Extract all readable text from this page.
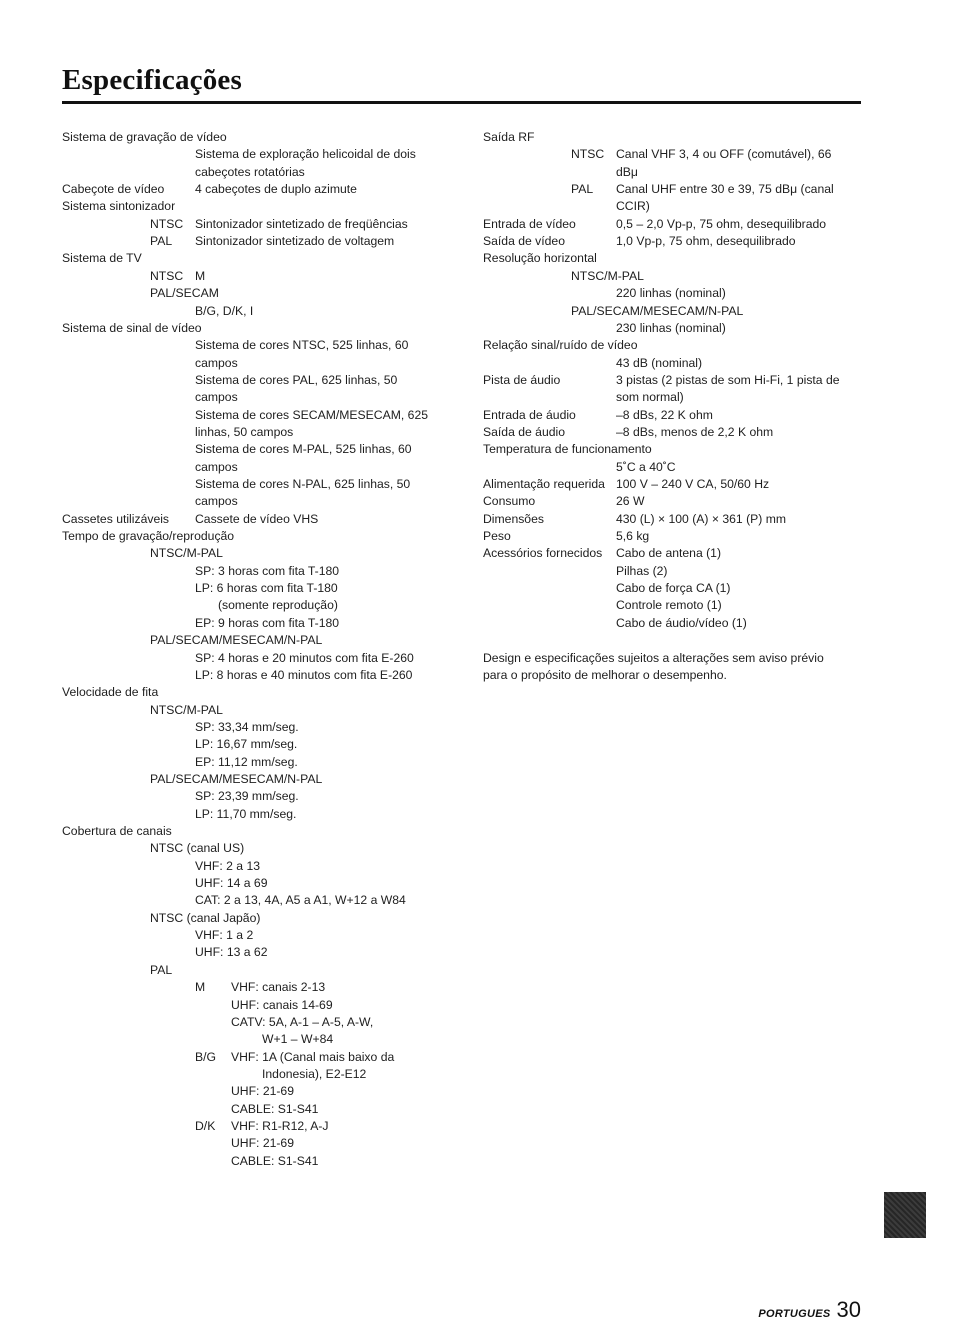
Especificações
Sistema de gravação de vídeo
Sistema de exploração helicoidal de dois
cabeçotes rotatórias
Cabeçote de vídeo	4 cabeçotes de duplo azimute
Sistema sintonizador
NTSC Sintonizador sintetizado de freqüências
PAL Sintonizador sintetizado de voltagem
Sistema de TV
NTSC M
PAL/SECAM
B/G, D/K, I
Sistema de sinal de vídeo
Sistema de cores NTSC, 525 linhas, 60
campos
Sistema de cores PAL, 625 linhas, 50
campos
Sistema de cores SECAM/MESECAM, 625
linhas, 50 campos
Sistema de cores M-PAL, 525 linhas, 60
campos
Sistema de cores N-PAL, 625 linhas, 50
campos
Cassetes utilizáveis Cassete de vídeo VHS
Tempo de gravação/reprodução
NTSC/M-PAL
SP: 3 horas com fita T-180
LP: 6 horas com fita T-180
(somente reprodução)
EP: 9 horas com fita T-180
PAL/SECAM/MESECAM/N-PAL
SP: 4 horas e 20 minutos com fita E-260
LP: 8 horas e 40 minutos com fita E-260
Velocidade de fita
NTSC/M-PAL
SP: 33,34 mm/seg.
LP: 16,67 mm/seg.
EP: 11,12 mm/seg.
PAL/SECAM/MESECAM/N-PAL
SP: 23,39 mm/seg.
LP: 11,70 mm/seg.
Cobertura de canais
NTSC (canal US)
VHF: 2 a 13
UHF: 14 a 69
CAT: 2 a 13, 4A, A5 a A1, W+12 a W84
NTSC (canal Japão)
VHF: 1 a 2
UHF: 13 a 62
PAL
M VHF: canais 2-13
UHF: canais 14-69
CATV: 5A, A-1 – A-5, A-W,
W+1 – W+84
B/G VHF: 1A (Canal mais baixo da
Indonesia), E2-E12
UHF: 21-69
CABLE: S1-S41
D/K VHF: R1-R12, A-J
UHF: 21-69
CABLE: S1-S41
Saída RF
NTSC Canal VHF 3, 4 ou OFF (comutável), 66
dBμ
PAL Canal UHF entre 30 e 39, 75 dBμ (canal
CCIR)
Entrada de vídeo	0,5 – 2,0 Vp-p, 75 ohm, desequilibrado
Saída de vídeo	1,0 Vp-p, 75 ohm, desequilibrado
Resolução horizontal
NTSC/M-PAL
220 linhas (nominal)
PAL/SECAM/MESECAM/N-PAL
230 linhas (nominal)
Relação sinal/ruído de vídeo
43 dB (nominal)
Pista de áudio	3 pistas (2 pistas de som Hi-Fi, 1 pista de
som normal)
Entrada de áudio	–8 dBs, 22 K ohm
Saída de áudio	–8 dBs, menos de 2,2 K ohm
Temperatura de funcionamento
5˚C a 40˚C
Alimentação requerida 100 V – 240 V CA, 50/60 Hz
Consumo	26 W
Dimensões	430 (L) × 100 (A) × 361 (P) mm
Peso	5,6 kg
Acessórios fornecidos Cabo de antena (1)
Pilhas (2)
Cabo de força CA (1)
Controle remoto (1)
Cabo de áudio/vídeo (1)
Design e especificações sujeitos a alterações sem aviso prévio
para o propósito de melhorar o desempenho.
PORTUGUES 30
